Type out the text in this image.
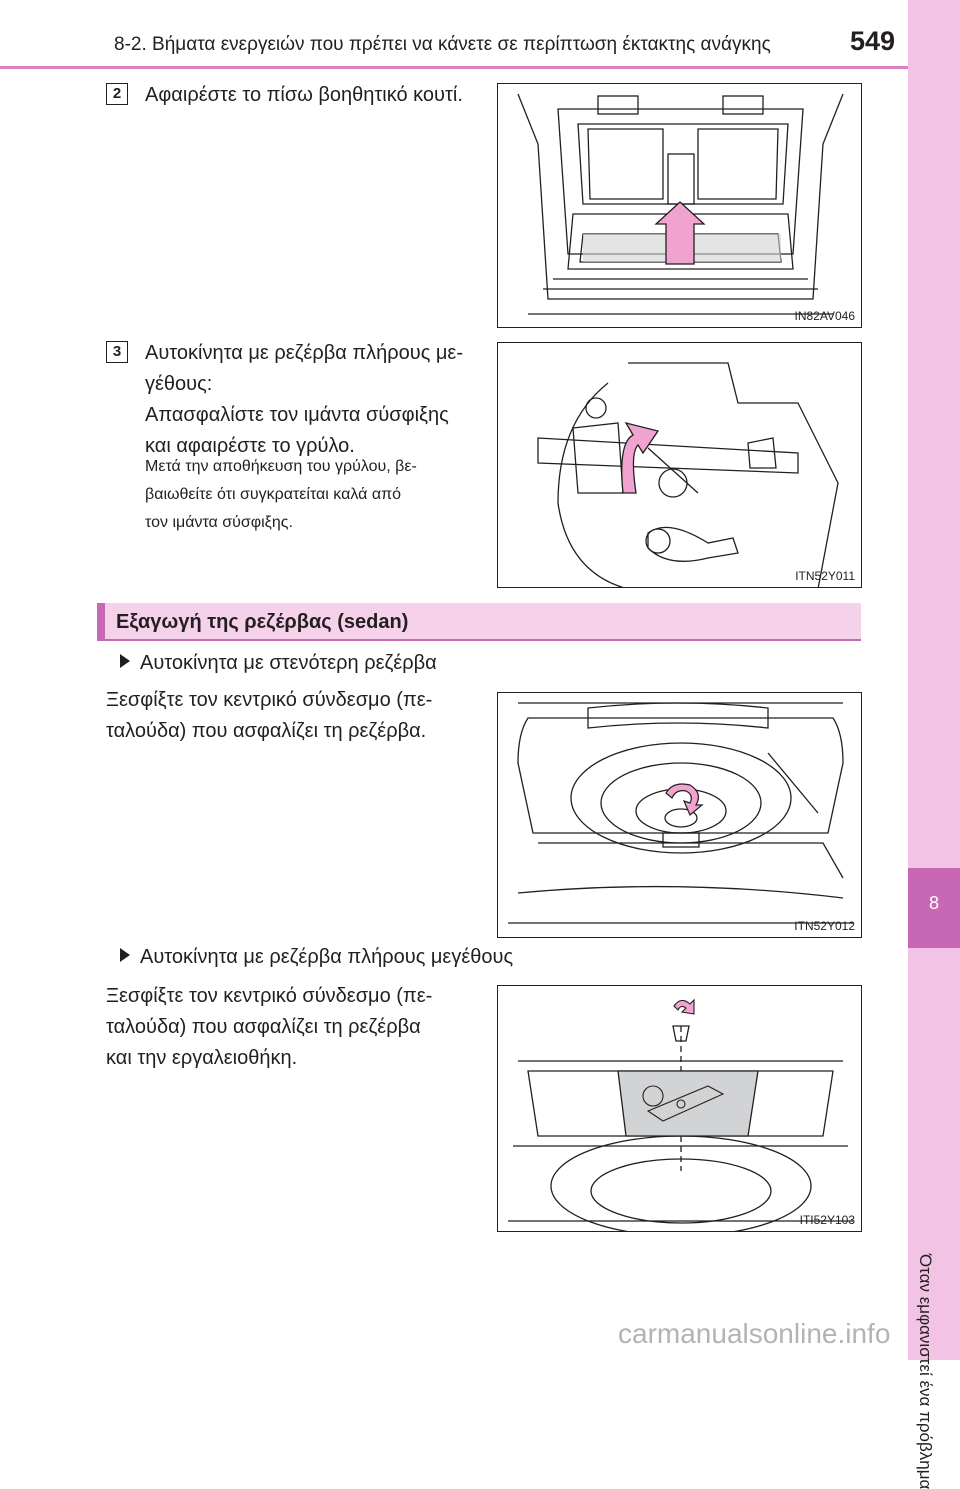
8-2. Βήματα ενεργειών που πρέπει να κάνετε σε περίπτωση έκτακτης ανάγκης	549
8
Όταν εμφανιστεί ένα πρόβλημα
2	Αφαιρέστε το πίσω βοηθητικό κουτί.
IN82AV046
3	Αυτοκίνητα με ρεζέρβα πλήρους με-
γέθους:
Απασφαλίστε τον ιμάντα σύσφιξης
και αφαιρέστε το γρύλο.
Μετά την αποθήκευση του γρύλου, βε-
βαιωθείτε ότι συγκρατείται καλά από
τον ιμάντα σύσφιξης.
ITN52Y011
Εξαγωγή της ρεζέρβας (sedan)
Αυτοκίνητα με στενότερη ρεζέρβα
Ξεσφίξτε τον κεντρικό σύνδεσμο (πε-
ταλούδα) που ασφαλίζει τη ρεζέρβα.
ITN52Y012
Αυτοκίνητα με ρεζέρβα πλήρους μεγέθους
Ξεσφίξτε τον κεντρικό σύνδεσμο (πε-
ταλούδα) που ασφαλίζει τη ρεζέρβα
και την εργαλειοθήκη.
ITI52Y103
carmanualsonline.info
